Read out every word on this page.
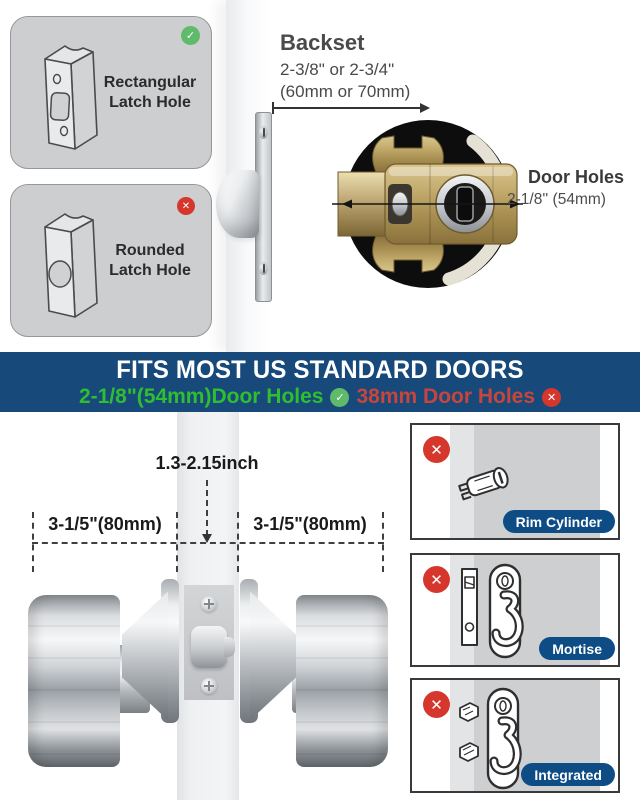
✓
Rectangular Latch Hole
✕
Rounded Latch Hole
Backset
2-3/8" or 2-3/4"
(60mm or 70mm)
Door Holes
2-1/8'' (54mm)
FITS MOST US STANDARD DOORS
2-1/8"(54mm)Door Holes	✓ 38mm Door Holes	✕
1.3-2.15inch
3-1/5"(80mm)	3-1/5"(80mm)
✕
Rim Cylinder
✕
Mortise
✕
Integrated
